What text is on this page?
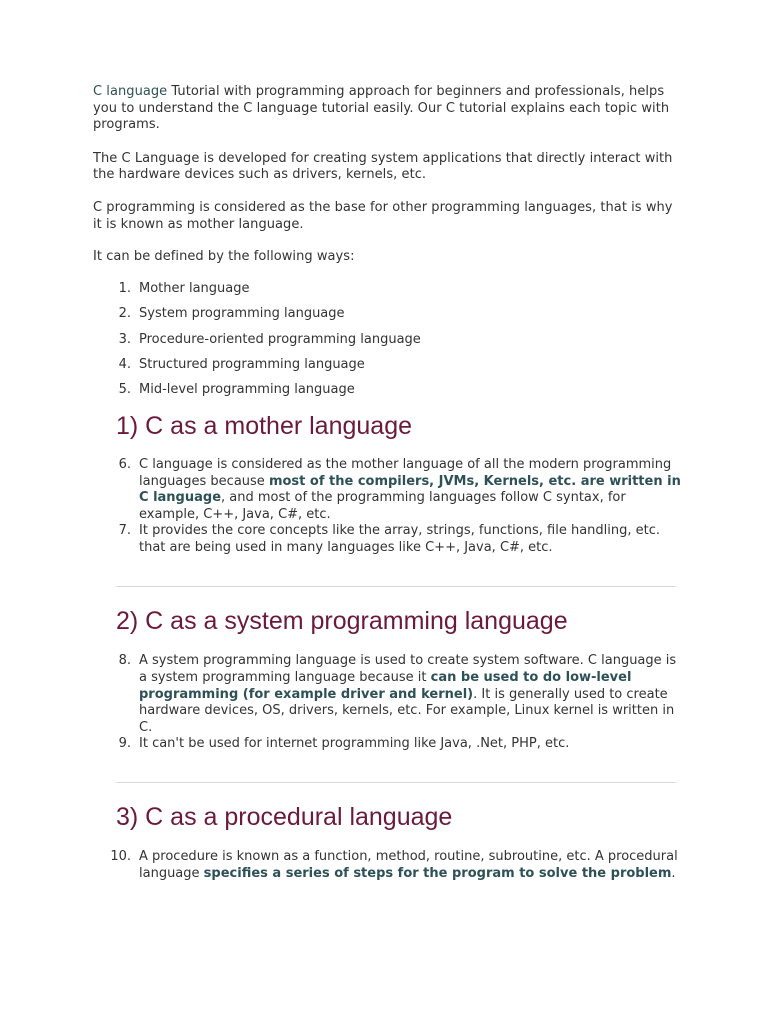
C language Tutorial with programming approach for beginners and professionals, helps you to understand the C language tutorial easily. Our C tutorial explains each topic with programs.

The C Language is developed for creating system applications that directly interact with the hardware devices such as drivers, kernels, etc.

C programming is considered as the base for other programming languages, that is why it is known as mother language.

It can be defined by the following ways:

1. Mother language
2. System programming language
3. Procedure-oriented programming language
4. Structured programming language
5. Mid-level programming language
1) C as a mother language
6. C language is considered as the mother language of all the modern programming languages because most of the compilers, JVMs, Kernels, etc. are written in C language, and most of the programming languages follow C syntax, for example, C++, Java, C#, etc.
7. It provides the core concepts like the array, strings, functions, file handling, etc. that are being used in many languages like C++, Java, C#, etc.
2) C as a system programming language
8. A system programming language is used to create system software. C language is a system programming language because it can be used to do low-level programming (for example driver and kernel). It is generally used to create hardware devices, OS, drivers, kernels, etc. For example, Linux kernel is written in C.
9. It can't be used for internet programming like Java, .Net, PHP, etc.
3) C as a procedural language
10. A procedure is known as a function, method, routine, subroutine, etc. A procedural language specifies a series of steps for the program to solve the problem.
